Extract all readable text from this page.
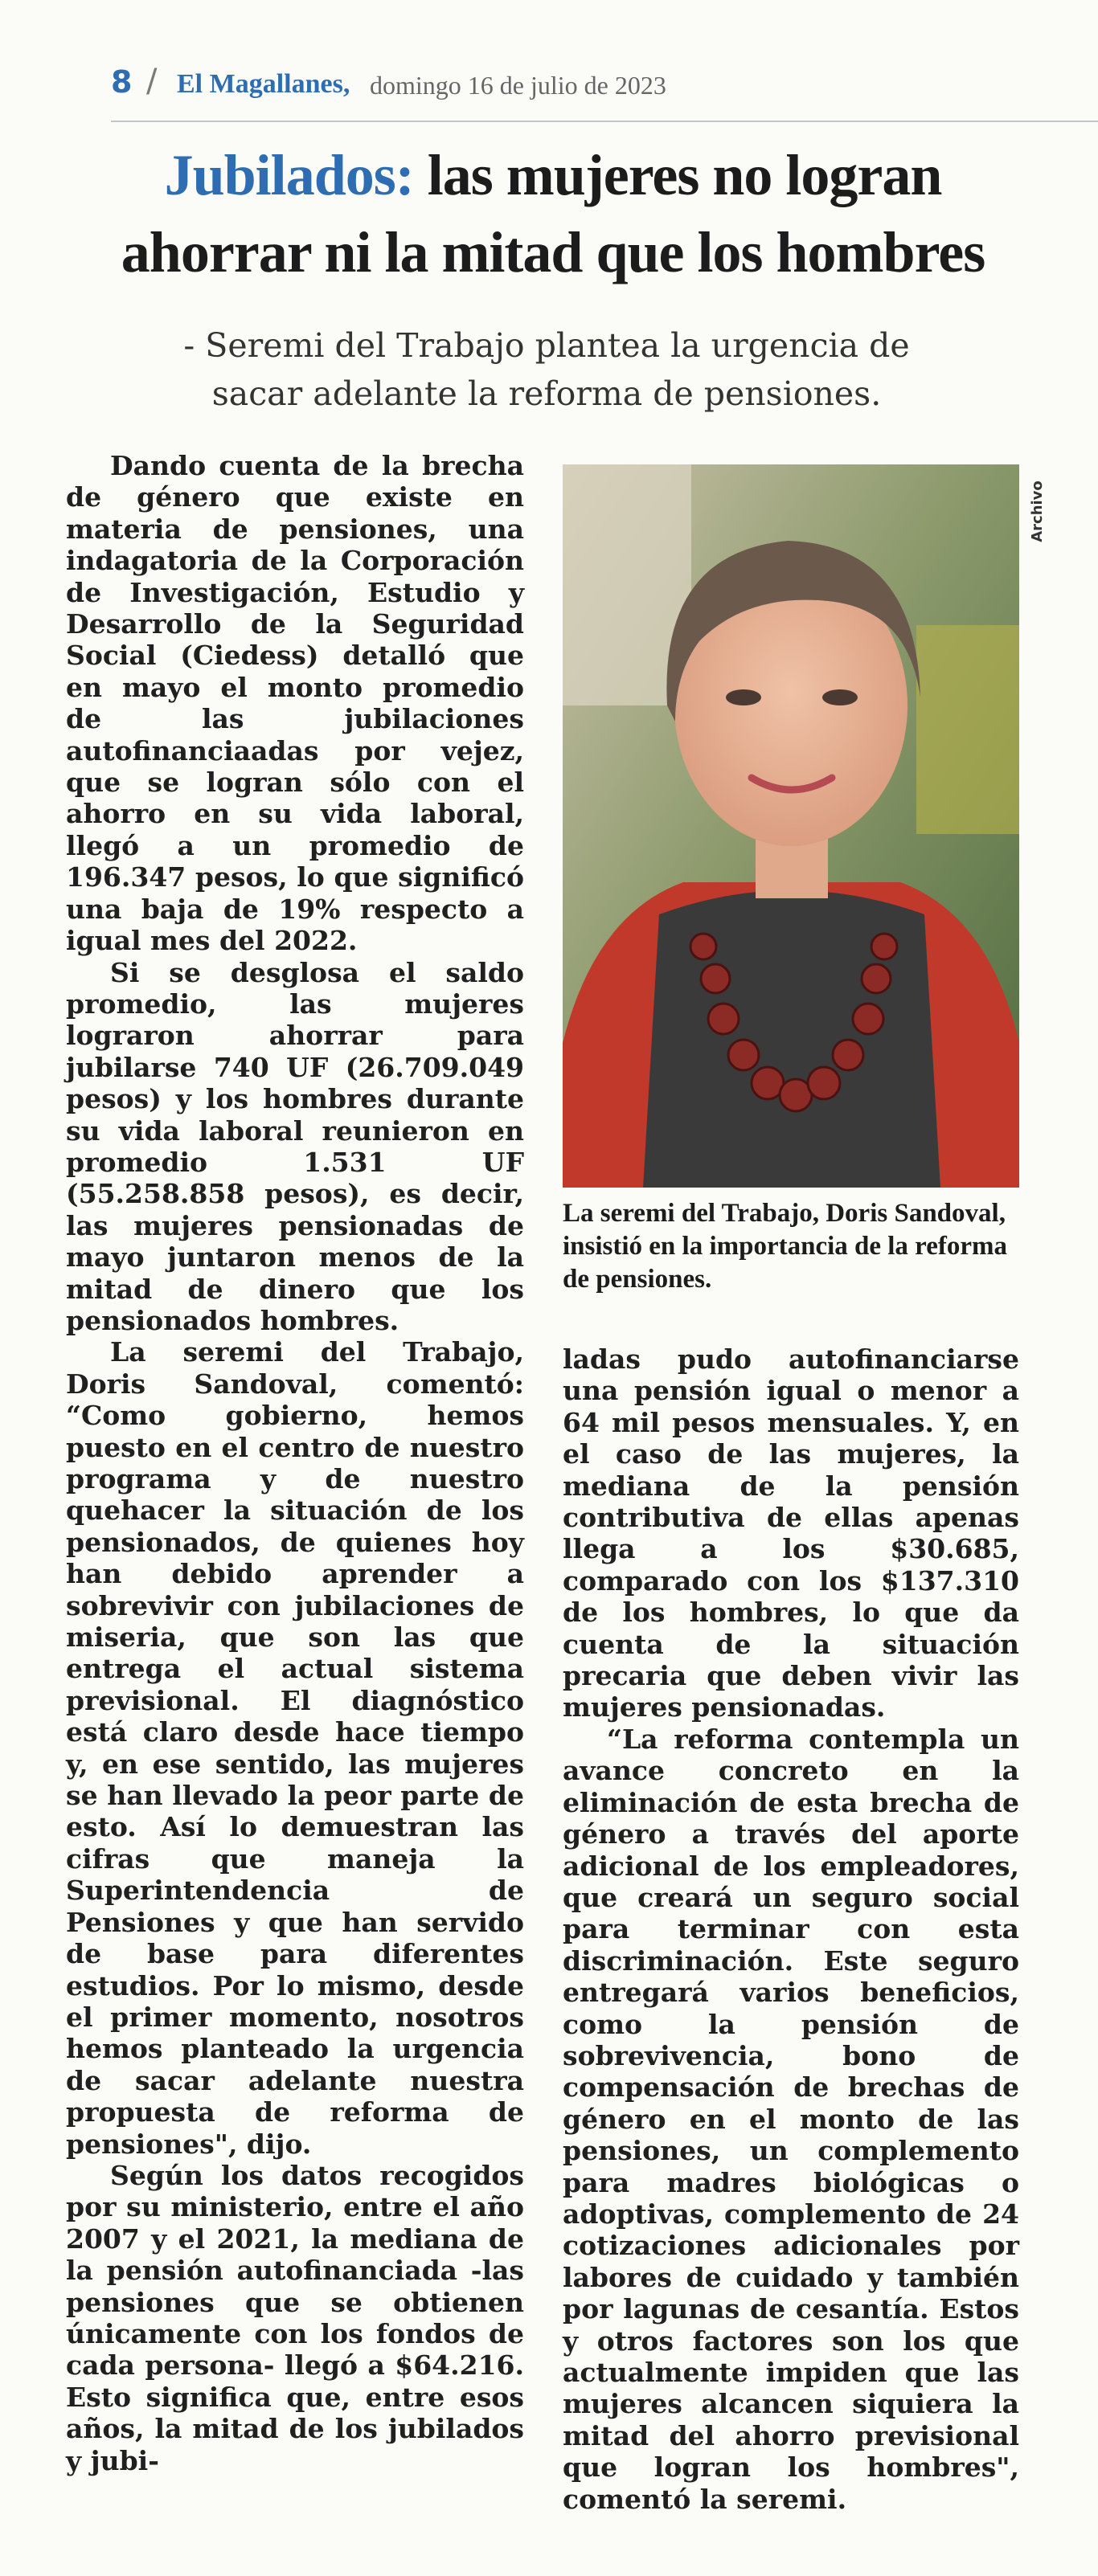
8 / El Magallanes, domingo 16 de julio de 2023
Jubilados: las mujeres no logran ahorrar ni la mitad que los hombres
- Seremi del Trabajo plantea la urgencia de sacar adelante la reforma de pensiones.

Dando cuenta de la brecha de género que existe en materia de pensiones, una indagatoria de la Corporación de Investigación, Estudio y Desarrollo de la Seguridad Social (Ciedess) detalló que en mayo el monto promedio de las jubilaciones autofinanciaadas por vejez, que se logran sólo con el ahorro en su vida laboral, llegó a un promedio de 196.347 pesos, lo que significó una baja de 19% respecto a igual mes del 2022.

Si se desglosa el saldo promedio, las mujeres lograron ahorrar para jubilarse 740 UF (26.709.049 pesos) y los hombres durante su vida laboral reunieron en promedio 1.531 UF (55.258.858 pesos), es decir, las mujeres pensionadas de mayo juntaron menos de la mitad de dinero que los pensionados hombres.

La seremi del Trabajo, Doris Sandoval, comentó: “Como gobierno, hemos puesto en el centro de nuestro programa y de nuestro quehacer la situación de los pensionados, de quienes hoy han debido aprender a sobrevivir con jubilaciones de miseria, que son las que entrega el actual sistema previsional. El diagnóstico está claro desde hace tiempo y, en ese sentido, las mujeres se han llevado la peor parte de esto. Así lo demuestran las cifras que maneja la Superintendencia de Pensiones y que han servido de base para diferentes estudios. Por lo mismo, desde el primer momento, nosotros hemos planteado la urgencia de sacar adelante nuestra propuesta de reforma de pensiones", dijo.

Según los datos recogidos por su ministerio, entre el año 2007 y el 2021, la mediana de la pensión autofinanciada -las pensiones que se obtienen únicamente con los fondos de cada persona- llegó a $64.216. Esto significa que, entre esos años, la mitad de los jubilados y jubi-

Archivo
La seremi del Trabajo, Doris Sandoval, insistió en la importancia de la reforma de pensiones.

ladas pudo autofinanciarse una pensión igual o menor a 64 mil pesos mensuales. Y, en el caso de las mujeres, la mediana de la pensión contributiva de ellas apenas llega a los $30.685, comparado con los $137.310 de los hombres, lo que da cuenta de la situación precaria que deben vivir las mujeres pensionadas.

“La reforma contempla un avance concreto en la eliminación de esta brecha de género a través del aporte adicional de los empleadores, que creará un seguro social para terminar con esta discriminación. Este seguro entregará varios beneficios, como la pensión de sobrevivencia, bono de compensación de brechas de género en el monto de las pensiones, un complemento para madres biológicas o adoptivas, complemento de 24 cotizaciones adicionales por labores de cuidado y también por lagunas de cesantía. Estos y otros factores son los que actualmente impiden que las mujeres alcancen siquiera la mitad del ahorro previsional que logran los hombres", comentó la seremi.
